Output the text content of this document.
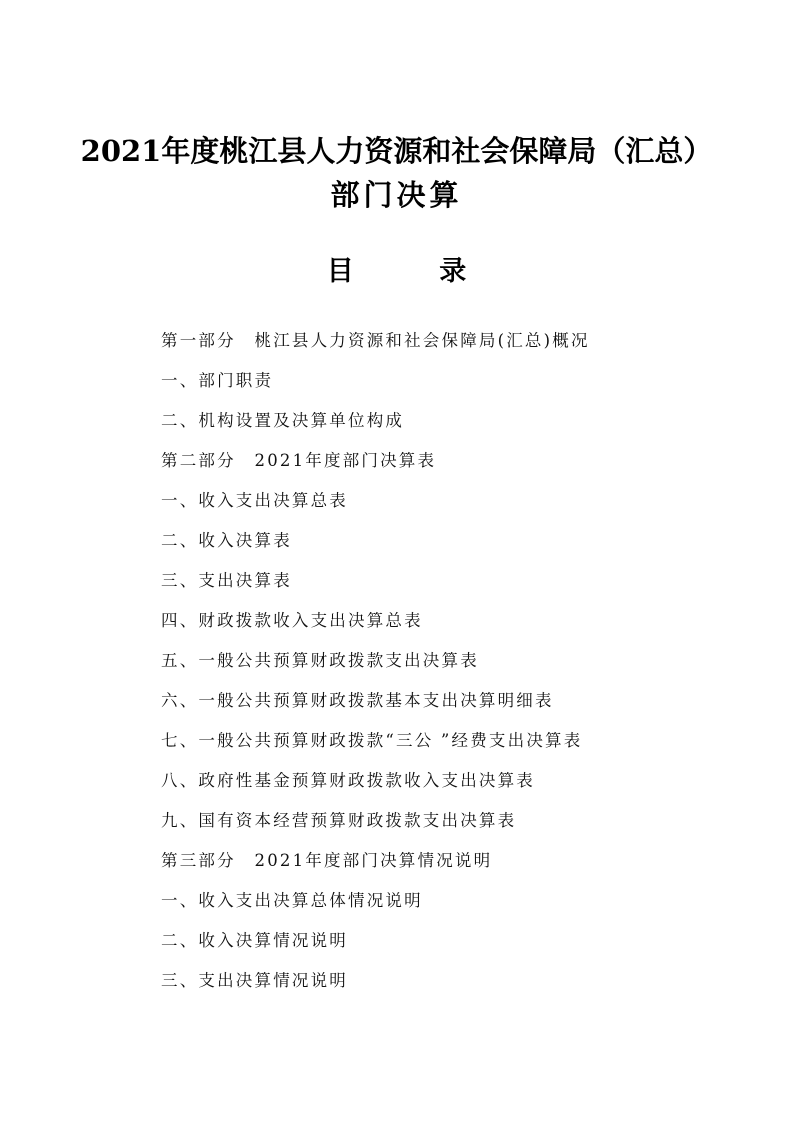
2021年度桃江县人力资源和社会保障局（汇总）
部门决算
目 录
第一部分　桃江县人力资源和社会保障局(汇总)概况
一、部门职责
二、机构设置及决算单位构成
第二部分　2021年度部门决算表
一、收入支出决算总表
二、收入决算表
三、支出决算表
四、财政拨款收入支出决算总表
五、一般公共预算财政拨款支出决算表
六、一般公共预算财政拨款基本支出决算明细表
七、一般公共预算财政拨款“三公 ”经费支出决算表
八、政府性基金预算财政拨款收入支出决算表
九、国有资本经营预算财政拨款支出决算表
第三部分　2021年度部门决算情况说明
一、收入支出决算总体情况说明
二、收入决算情况说明
三、支出决算情况说明
